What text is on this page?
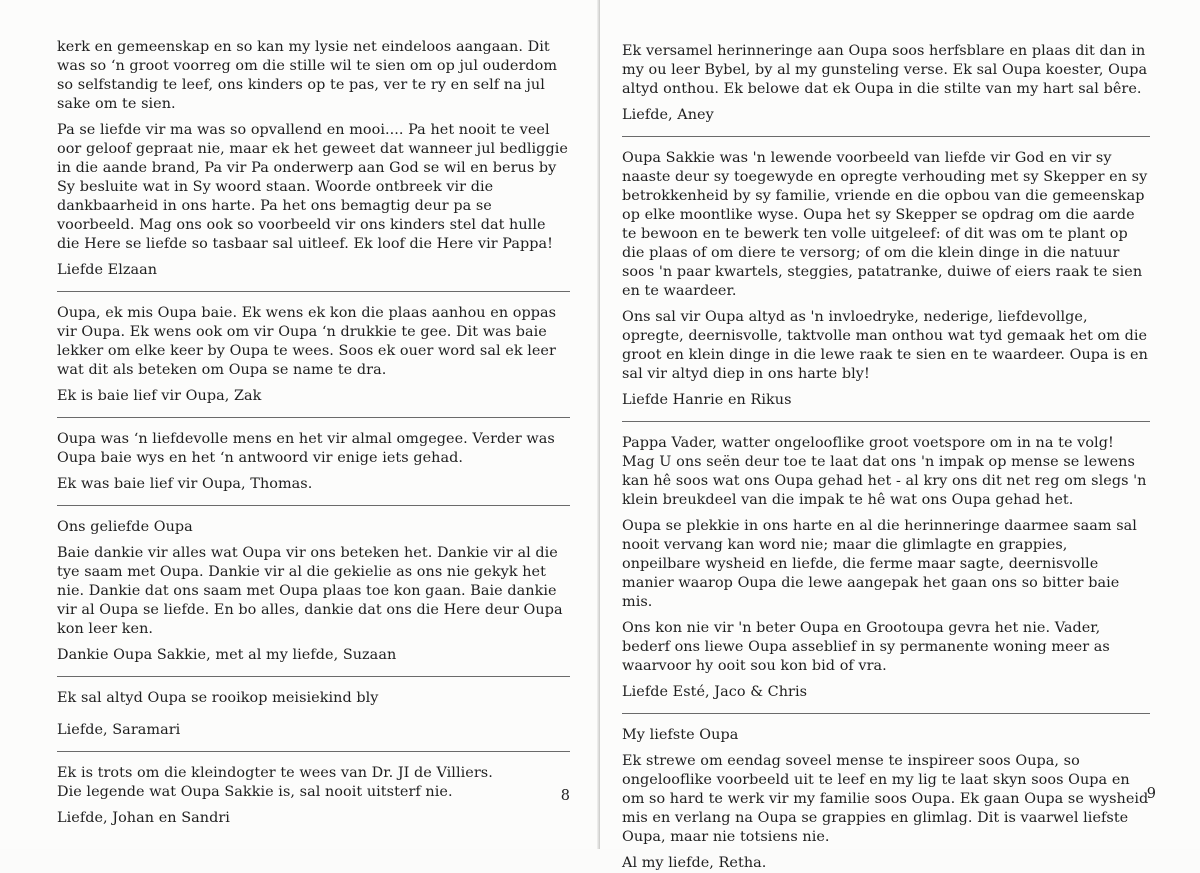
kerk en gemeenskap en so kan my lysie net eindeloos aangaan. Dit was so ‘n groot voorreg om die stille wil te sien om op jul ouderdom so selfstandig te leef, ons kinders op te pas, ver te ry en self na jul sake om te sien.

Pa se liefde vir ma was so opvallend en mooi.... Pa het nooit te veel oor geloof gepraat nie, maar ek het geweet dat wanneer jul bedliggie in die aande brand, Pa vir Pa onderwerp aan God se wil en berus by Sy besluite wat in Sy woord staan. Woorde ontbreek vir die dankbaarheid in ons harte. Pa het ons bemagtig deur pa se voorbeeld. Mag ons ook so voorbeeld vir ons kinders stel dat hulle die Here se liefde so tasbaar sal uitleef. Ek loof die Here vir Pappa!

Liefde Elzaan

Oupa, ek mis Oupa baie. Ek wens ek kon die plaas aanhou en oppas vir Oupa. Ek wens ook om vir Oupa ‘n drukkie te gee. Dit was baie lekker om elke keer by Oupa te wees. Soos ek ouer word sal ek leer wat dit als beteken om Oupa se name te dra.

Ek is baie lief vir Oupa, Zak

Oupa was ‘n liefdevolle mens en het vir almal omgegee. Verder was Oupa baie wys en het ‘n antwoord vir enige iets gehad.

Ek was baie lief vir Oupa, Thomas.

Ons geliefde Oupa

Baie dankie vir alles wat Oupa vir ons beteken het. Dankie vir al die tye saam met Oupa. Dankie vir al die gekielie as ons nie gekyk het nie. Dankie dat ons saam met Oupa plaas toe kon gaan. Baie dankie vir al Oupa se liefde. En bo alles, dankie dat ons die Here deur Oupa kon leer ken.

Dankie Oupa Sakkie, met al my liefde, Suzaan

Ek sal altyd Oupa se rooikop meisiekind bly

Liefde, Saramari

Ek is trots om die kleindogter te wees van Dr. JI de Villiers.
Die legende wat Oupa Sakkie is, sal nooit uitsterf nie.

Liefde, Johan en Sandri

8

Ek versamel herinneringe aan Oupa soos herfsblare en plaas dit dan in my ou leer Bybel, by al my gunsteling verse. Ek sal Oupa koester, Oupa altyd onthou. Ek belowe dat ek Oupa in die stilte van my hart sal bêre.

Liefde, Aney

Oupa Sakkie was 'n lewende voorbeeld van liefde vir God en vir sy naaste deur sy toegewyde en opregte verhouding met sy Skepper en sy betrokkenheid by sy familie, vriende en die opbou van die gemeenskap op elke moontlike wyse. Oupa het sy Skepper se opdrag om die aarde te bewoon en te bewerk ten volle uitgeleef: of dit was om te plant op die plaas of om diere te versorg; of om die klein dinge in die natuur soos 'n paar kwartels, steggies, patatranke, duiwe of eiers raak te sien en te waardeer.

Ons sal vir Oupa altyd as 'n invloedryke, nederige, liefdevollge, opregte, deernisvolle, taktvolle man onthou wat tyd gemaak het om die groot en klein dinge in die lewe raak te sien en te waardeer. Oupa is en sal vir altyd diep in ons harte bly!

Liefde Hanrie en Rikus

Pappa Vader, watter ongelooflike groot voetspore om in na te volg! Mag U ons seën deur toe te laat dat ons 'n impak op mense se lewens kan hê soos wat ons Oupa gehad het - al kry ons dit net reg om slegs 'n klein breukdeel van die impak te hê wat ons Oupa gehad het.

Oupa se plekkie in ons harte en al die herinneringe daarmee saam sal nooit vervang kan word nie; maar die glimlagte en grappies, onpeilbare wysheid en liefde, die ferme maar sagte, deernisvolle manier waarop Oupa die lewe aangepak het gaan ons so bitter baie mis.

Ons kon nie vir 'n beter Oupa en Grootoupa gevra het nie. Vader, bederf ons liewe Oupa asseblief in sy permanente woning meer as waarvoor hy ooit sou kon bid of vra.

Liefde Esté, Jaco & Chris

My liefste Oupa

Ek strewe om eendag soveel mense te inspireer soos Oupa, so ongelooflike voorbeeld uit te leef en my lig te laat skyn soos Oupa en om so hard te werk vir my familie soos Oupa. Ek gaan Oupa se wysheid mis en verlang na Oupa se grappies en glimlag. Dit is vaarwel liefste Oupa, maar nie totsiens nie.

Al my liefde, Retha.

9
